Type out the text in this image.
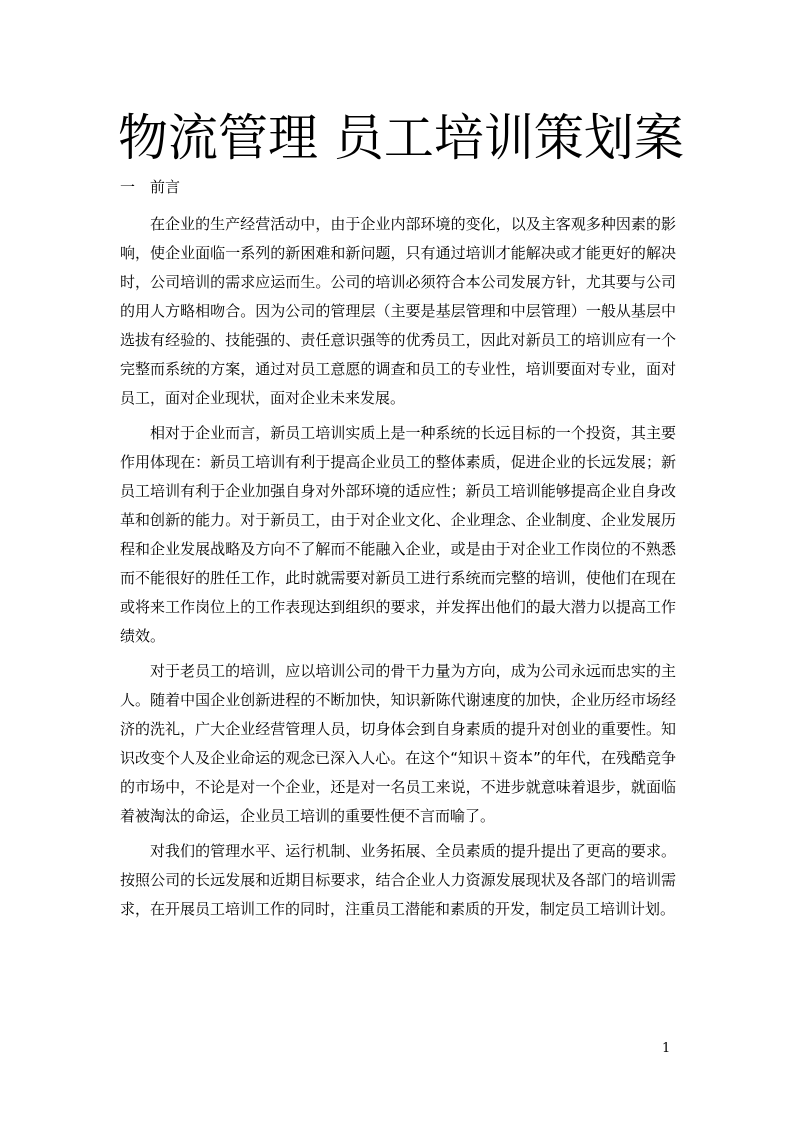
物流管理 员工培训策划案
一 前言

在企业的生产经营活动中，由于企业内部环境的变化，以及主客观多种因素的影响，使企业面临一系列的新困难和新问题，只有通过培训才能解决或才能更好的解决时，公司培训的需求应运而生。公司的培训必须符合本公司发展方针，尤其要与公司的用人方略相吻合。因为公司的管理层（主要是基层管理和中层管理）一般从基层中选拔有经验的、技能强的、责任意识强等的优秀员工，因此对新员工的培训应有一个完整而系统的方案，通过对员工意愿的调查和员工的专业性，培训要面对专业，面对员工，面对企业现状，面对企业未来发展。

相对于企业而言，新员工培训实质上是一种系统的长远目标的一个投资，其主要作用体现在：新员工培训有利于提高企业员工的整体素质，促进企业的长远发展；新员工培训有利于企业加强自身对外部环境的适应性；新员工培训能够提高企业自身改革和创新的能力。对于新员工，由于对企业文化、企业理念、企业制度、企业发展历程和企业发展战略及方向不了解而不能融入企业，或是由于对企业工作岗位的不熟悉而不能很好的胜任工作，此时就需要对新员工进行系统而完整的培训，使他们在现在或将来工作岗位上的工作表现达到组织的要求，并发挥出他们的最大潜力以提高工作绩效。

对于老员工的培训，应以培训公司的骨干力量为方向，成为公司永远而忠实的主人。随着中国企业创新进程的不断加快，知识新陈代谢速度的加快，企业历经市场经济的洗礼，广大企业经营管理人员，切身体会到自身素质的提升对创业的重要性。知识改变个人及企业命运的观念已深入人心。在这个“知识＋资本”的年代，在残酷竞争的市场中，不论是对一个企业，还是对一名员工来说，不进步就意味着退步，就面临着被淘汰的命运，企业员工培训的重要性便不言而喻了。

对我们的管理水平、运行机制、业务拓展、全员素质的提升提出了更高的要求。按照公司的长远发展和近期目标要求，结合企业人力资源发展现状及各部门的培训需求，在开展员工培训工作的同时，注重员工潜能和素质的开发，制定员工培训计划。

1
